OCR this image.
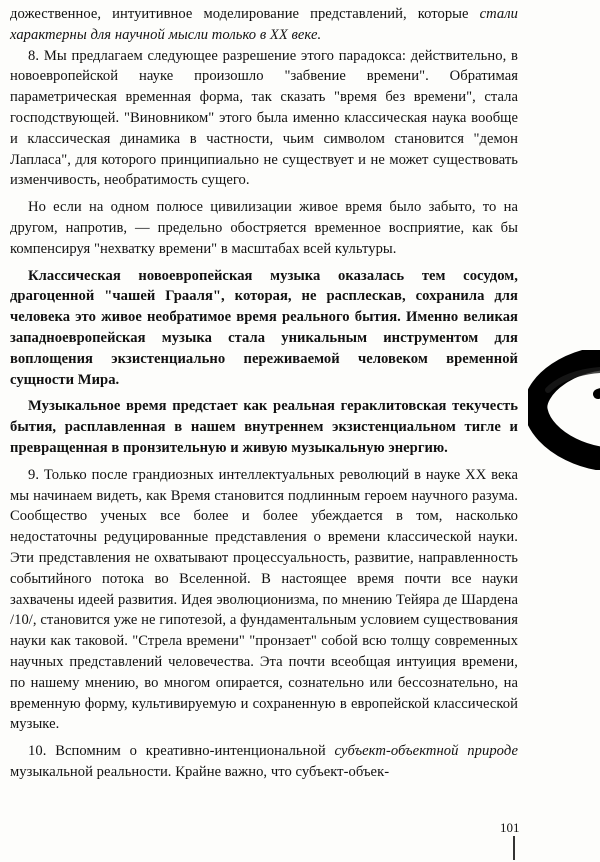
дожественное, интуитивное моделирование представлений, которые стали характерны для научной мысли только в XX веке.

8. Мы предлагаем следующее разрешение этого парадокса: действительно, в новоевропейской науке произошло "забвение времени". Обратимая параметрическая временная форма, так сказать "время без времени", стала господствующей. "Виновником" этого была именно классическая наука вообще и классическая динамика в частности, чьим символом становится "демон Лапласа", для которого принципиально не существует и не может существовать изменчивость, необратимость сущего.

Но если на одном полюсе цивилизации живое время было забыто, то на другом, напротив, — предельно обостряется временное восприятие, как бы компенсируя "нехватку времени" в масштабах всей культуры.

Классическая новоевропейская музыка оказалась тем сосудом, драгоценной "чашей Грааля", которая, не расплескав, сохранила для человека это живое необратимое время реального бытия. Именно великая западноевропейская музыка стала уникальным инструментом для воплощения экзистенциально переживаемой человеком временной сущности Мира.

Музыкальное время предстает как реальная гераклитовская текучесть бытия, расплавленная в нашем внутреннем экзистенциальном тигле и превращенная в пронзительную и живую музыкальную энергию.

9. Только после грандиозных интеллектуальных революций в науке XX века мы начинаем видеть, как Время становится подлинным героем научного разума. Сообщество ученых все более и более убеждается в том, насколько недостаточны редуцированные представления о времени классической науки. Эти представления не охватывают процессуальность, развитие, направленность событийного потока во Вселенной. В настоящее время почти все науки захвачены идеей развития. Идея эволюционизма, по мнению Тейяра де Шардена /10/, становится уже не гипотезой, а фундаментальным условием существования науки как таковой. "Стрела времени" "пронзает" собой всю толщу современных научных представлений человечества. Эта почти всеобщая интуиция времени, по нашему мнению, во многом опирается, сознательно или бессознательно, на временную форму, культивируемую и сохраненную в европейской классической музыке.

10. Вспомним о креативно-интенциональной субъект-объектной природе музыкальной реальности. Крайне важно, что субъект-объек-

101
